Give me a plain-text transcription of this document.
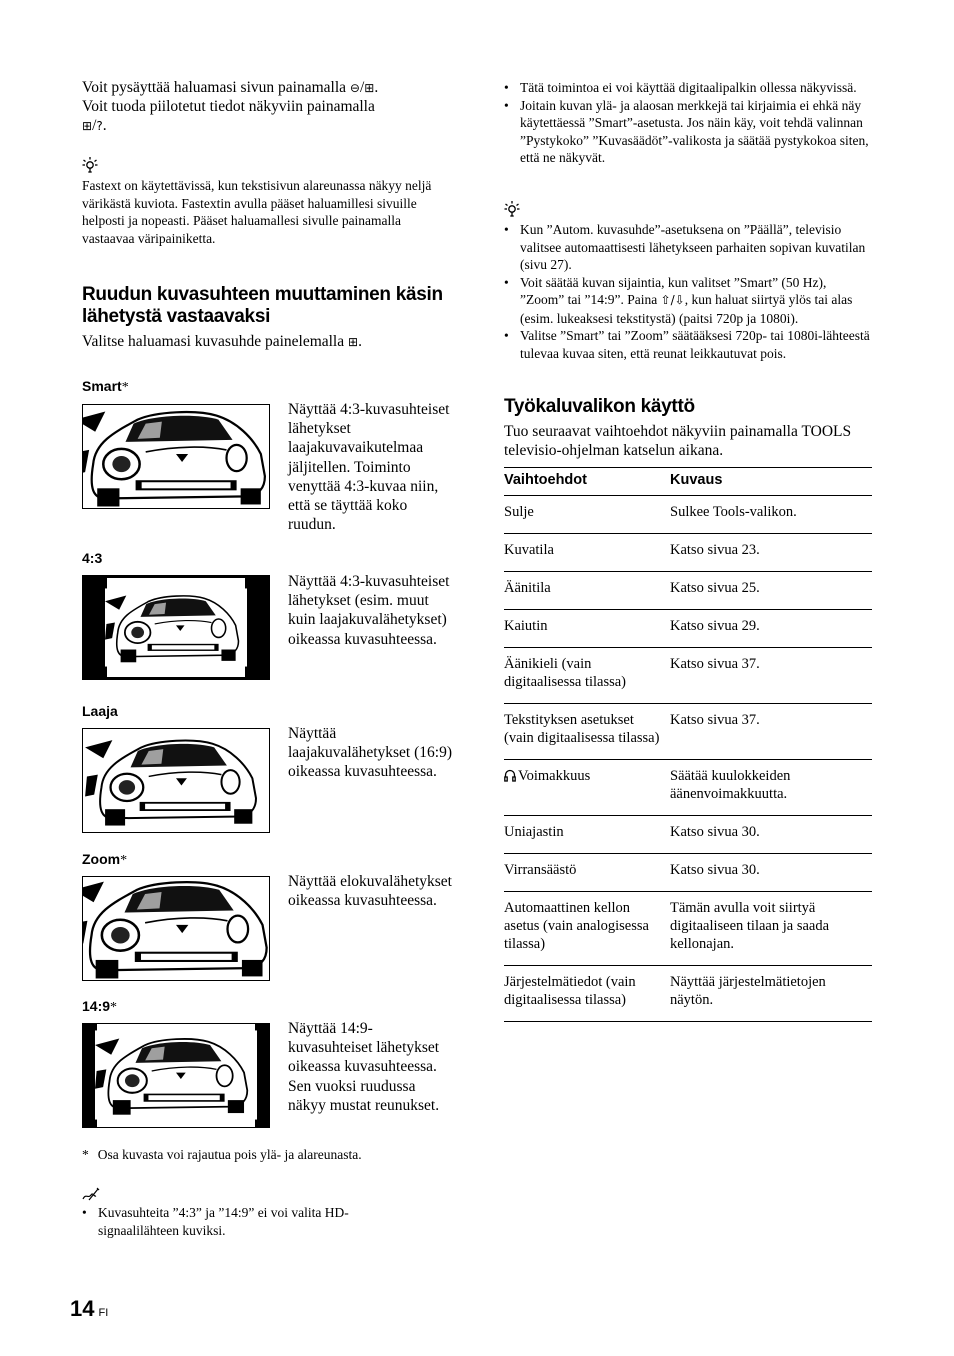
Voit pysäyttää haluamasi sivun painamalla ⊖/⊞.
Voit tuoda piilotetut tiedot näkyviin painamalla
⊞/?.
Fastext on käytettävissä, kun tekstisivun alareunassa näkyy neljä värikästä kuviota. Fastextin avulla pääset haluamillesi sivuille helposti ja nopeasti. Pääset haluamallesi sivulle painamalla vastaavaa väripainiketta.
Ruudun kuvasuhteen muuttaminen käsin
lähetystä vastaavaksi
Valitse haluamasi kuvasuhde painelemalla ⊞.
Smart*
4:3
Laaja
Zoom*
14:9*
Näyttää 4:3-kuvasuhteiset lähetykset laajakuvavaikutelmaa jäljitellen. Toiminto venyttää 4:3-kuvaa niin, että se täyttää koko ruudun.
Näyttää 4:3-kuvasuhteiset lähetykset (esim. muut kuin laajakuvalähetykset) oikeassa kuvasuhteessa.
Näyttää laajakuvalähetykset (16:9) oikeassa kuvasuhteessa.
Näyttää elokuvalähetykset oikeassa kuvasuhteessa.
Näyttää 14:9-kuvasuhteiset lähetykset oikeassa kuvasuhteessa. Sen vuoksi ruudussa näkyy mustat reunukset.
* Osa kuvasta voi rajautua pois ylä- ja alareunasta.
• Kuvasuhteita ”4:3” ja ”14:9” ei voi valita HD-signaalilähteen kuviksi.
• Tätä toimintoa ei voi käyttää digitaalipalkin ollessa näkyvissä.
• Joitain kuvan ylä- ja alaosan merkkejä tai kirjaimia ei ehkä näy käytettäessä ”Smart”-asetusta. Jos näin käy, voit tehdä valinnan ”Pystykoko” ”Kuvasäädöt”-valikosta ja säätää pystykokoa siten, että ne näkyvät.
• Kun ”Autom. kuvasuhde”-asetuksena on ”Päällä”, televisio valitsee automaattisesti lähetykseen parhaiten sopivan kuvatilan (sivu 27).
• Voit säätää kuvan sijaintia, kun valitset ”Smart” (50 Hz), ”Zoom” tai ”14:9”. Paina ⇧/⇩, kun haluat siirtyä ylös tai alas (esim. lukeaksesi tekstitystä) (paitsi 720p ja 1080i).
• Valitse ”Smart” tai ”Zoom” säätääksesi 720p- tai 1080i-lähteestä tulevaa kuvaa siten, että reunat leikkautuvat pois.
Työkaluvalikon käyttö
Tuo seuraavat vaihtoehdot näkyviin painamalla TOOLS televisio-ohjelman katselun aikana.
Vaihtoehdot	Kuvaus
Sulje	Sulkee Tools-valikon.
Kuvatila	Katso sivua 23.
Äänitila	Katso sivua 25.
Kaiutin	Katso sivua 29.
Äänikieli (vain digitaalisessa tilassa)	Katso sivua 37.
Tekstityksen asetukset (vain digitaalisessa tilassa)	Katso sivua 37.
Voimakkuus	Säätää kuulokkeiden äänenvoimakkuutta.
Uniajastin	Katso sivua 30.
Virransäästö	Katso sivua 30.
Automaattinen kellon asetus (vain analogisessa tilassa)	Tämän avulla voit siirtyä digitaaliseen tilaan ja saada kellonajan.
Järjestelmätiedot (vain digitaalisessa tilassa)	Näyttää järjestelmätietojen näytön.
14 FI
